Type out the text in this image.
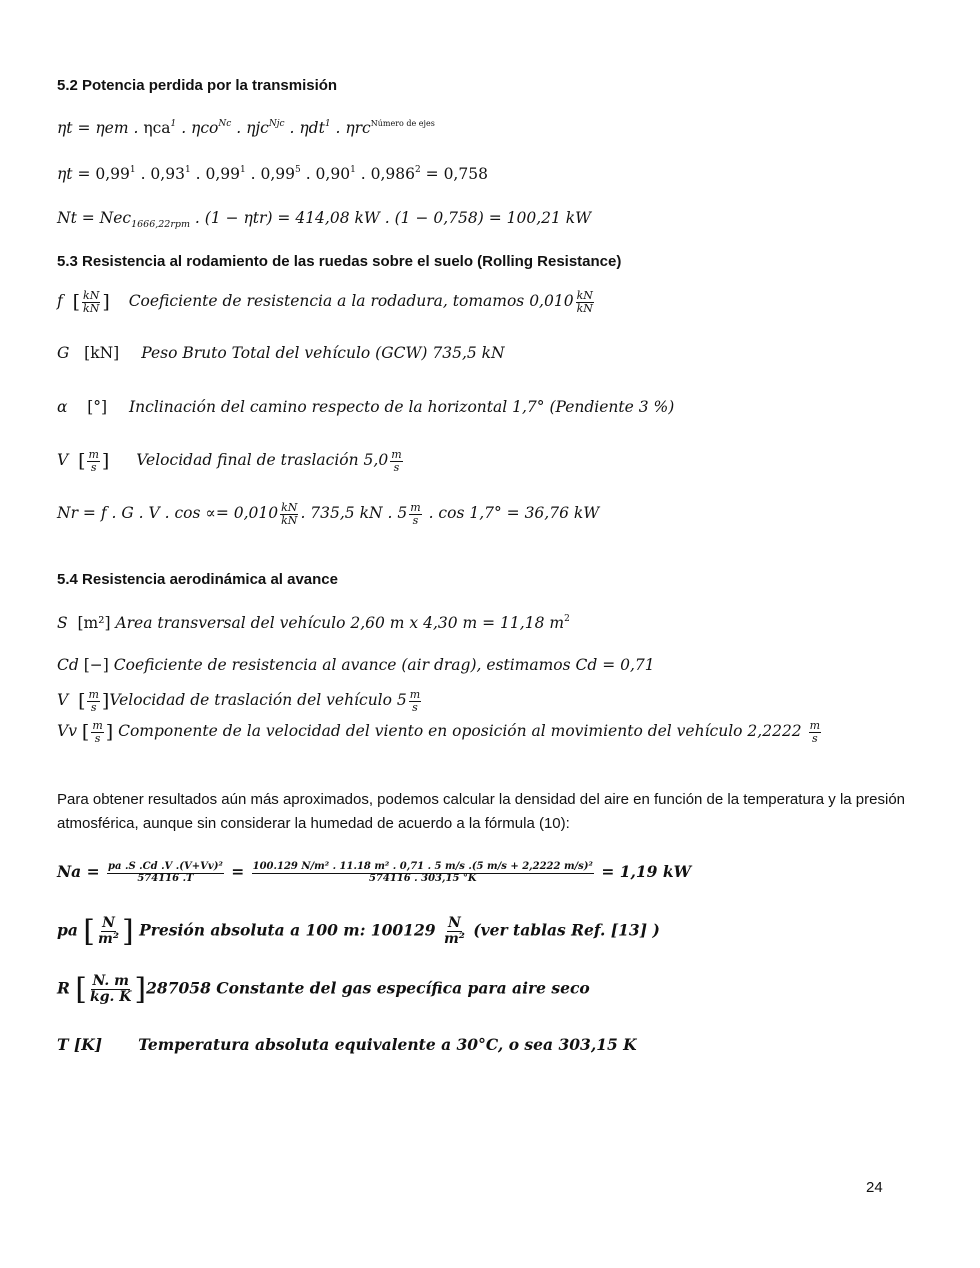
5.2 Potencia perdida por la transmisión
ηt = ηem . ηca$^1$ . ηco$^{Nc}$ . ηjc$^{Njc}$ . ηdt$^1$ . ηrc$^{Número de ejes}$
$\eta t = 0,99^1$ . 0,93$^1$ . 0,99$^1$ . 0,99$^5$ . 0,90$^1$ . $0,986^2 = 0,758$
Nt = Nec$_{1666,22rpm}$ . (1 − ηtr) = 414,08 kW . (1 − 0,758) = 100,21 kW
5.3 Resistencia al rodamiento de las ruedas sobre el suelo (Rolling Resistance)
f [ $\frac{kN}{kN}$ ] Coeficiente de resistencia a la rodadura, tomamos $0,010 \frac{kN}{kN}$
G [kN] Peso Bruto Total del vehículo (GCW) 735,5 kN
α [°] Inclinación del camino respecto de la horizontal 1,7° (Pendiente 3 %)
V [ $\frac{m}{s}$ ] Velocidad final de traslación $5,0 \frac{m}{s}$
Nr = f . G . V . $\cos \propto= 0,010 \frac{kN}{kN}$ . 735,5 kN . $5 \frac{m}{s}$ . cos 1,7° = 36,76 kW
5.4 Resistencia aerodinámica al avance
S [m²] Area transversal del vehículo 2,60 m x 4,30 m = 11,18 $m^2$
Cd [−] Coeficiente de resistencia al avance (air drag), estimamos Cd = 0,71
V [ $\frac{m}{s}$ ]Velocidad de traslación del vehículo $5 \frac{m}{s}$
Vv [ $\frac{m}{s}$ ] Componente de la velocidad del viento en oposición al movimiento del vehículo $2,2222 \frac{m}{s}$
Para obtener resultados aún más aproximados, podemos calcular la densidad del aire en función de la temperatura y la presión atmosférica, aunque sin considerar la humedad de acuerdo a la fórmula (10):
$Na = \frac{\text{pa .S .Cd .V .(V+Vv)²}}{574116 .T} = 100.129$ N/m² . 11.18 m² . 0,71 . 5 m/s .(5 m/s + 2,2222 m/s)²
574116 . 303,15 °K	= 1,19 kW
pa [ $\frac{N}{\text{m²}}$ ] Presión absoluta a 100 m: $100129 \frac{N}{\text{m²}} (ver$ tablas Ref. [13] )
R [ $\frac{N. m}{kg. K} ]287058$ Constante del gas específica para aire seco
T [K] Temperatura absoluta equivalente a 30°C, o sea 303,15 K
24
